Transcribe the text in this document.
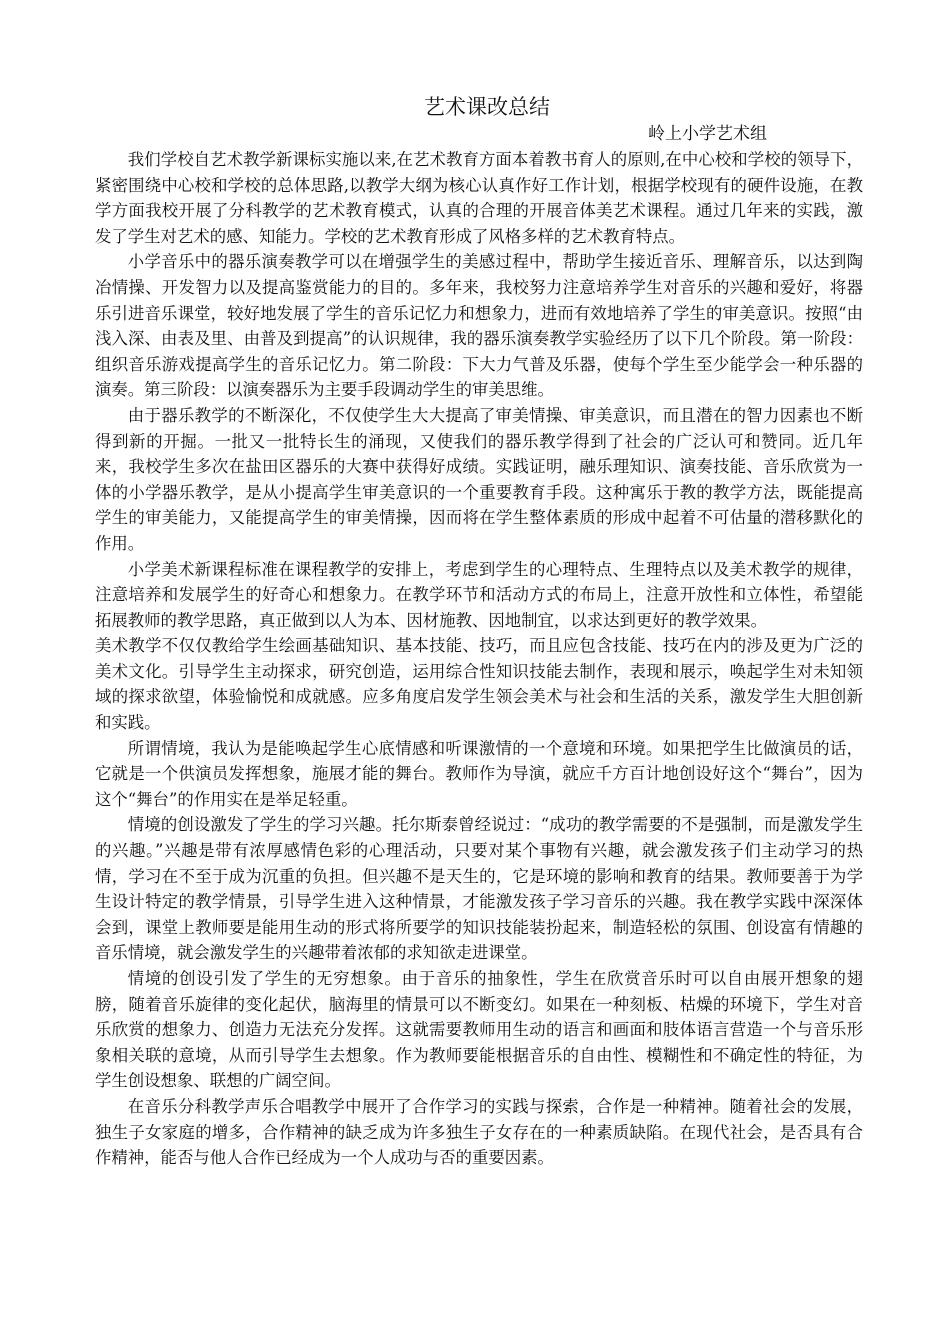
艺术课改总结

岭上小学艺术组

我们学校自艺术教学新课标实施以来,在艺术教育方面本着教书育人的原则,在中心校和学校的领导下，紧密围绕中心校和学校的总体思路,以教学大纲为核心认真作好工作计划，根据学校现有的硬件设施，在教学方面我校开展了分科教学的艺术教育模式，认真的合理的开展音体美艺术课程。通过几年来的实践，激发了学生对艺术的感、知能力。学校的艺术教育形成了风格多样的艺术教育特点。

小学音乐中的器乐演奏教学可以在增强学生的美感过程中，帮助学生接近音乐、理解音乐，以达到陶冶情操、开发智力以及提高鉴赏能力的目的。多年来，我校努力注意培养学生对音乐的兴趣和爱好，将器乐引进音乐课堂，较好地发展了学生的音乐记忆力和想象力，进而有效地培养了学生的审美意识。按照“由浅入深、由表及里、由普及到提高”的认识规律，我的器乐演奏教学实验经历了以下几个阶段。第一阶段：组织音乐游戏提高学生的音乐记忆力。第二阶段：下大力气普及乐器，使每个学生至少能学会一种乐器的演奏。第三阶段：以演奏器乐为主要手段调动学生的审美思维。

由于器乐教学的不断深化，不仅使学生大大提高了审美情操、审美意识，而且潜在的智力因素也不断得到新的开掘。一批又一批特长生的涌现，又使我们的器乐教学得到了社会的广泛认可和赞同。近几年来，我校学生多次在盐田区器乐的大赛中获得好成绩。实践证明，融乐理知识、演奏技能、音乐欣赏为一体的小学器乐教学，是从小提高学生审美意识的一个重要教育手段。这种寓乐于教的教学方法，既能提高学生的审美能力，又能提高学生的审美情操，因而将在学生整体素质的形成中起着不可估量的潜移默化的作用。

小学美术新课程标准在课程教学的安排上，考虑到学生的心理特点、生理特点以及美术教学的规律，注意培养和发展学生的好奇心和想象力。在教学环节和活动方式的布局上，注意开放性和立体性，希望能拓展教师的教学思路，真正做到以人为本、因材施教、因地制宜，以求达到更好的教学效果。

美术教学不仅仅教给学生绘画基础知识、基本技能、技巧，而且应包含技能、技巧在内的涉及更为广泛的美术文化。引导学生主动探求，研究创造，运用综合性知识技能去制作，表现和展示，唤起学生对未知领域的探求欲望，体验愉悦和成就感。应多角度启发学生领会美术与社会和生活的关系，激发学生大胆创新和实践。

所谓情境，我认为是能唤起学生心底情感和听课激情的一个意境和环境。如果把学生比做演员的话，它就是一个供演员发挥想象，施展才能的舞台。教师作为导演，就应千方百计地创设好这个“舞台”，因为这个“舞台”的作用实在是举足轻重。

情境的创设激发了学生的学习兴趣。托尔斯泰曾经说过：“成功的教学需要的不是强制，而是激发学生的兴趣。”兴趣是带有浓厚感情色彩的心理活动，只要对某个事物有兴趣，就会激发孩子们主动学习的热情，学习在不至于成为沉重的负担。但兴趣不是天生的，它是环境的影响和教育的结果。教师要善于为学生设计特定的教学情景，引导学生进入这种情景，才能激发孩子学习音乐的兴趣。我在教学实践中深深体会到，课堂上教师要是能用生动的形式将所要学的知识技能装扮起来，制造轻松的氛围、创设富有情趣的音乐情境，就会激发学生的兴趣带着浓郁的求知欲走进课堂。

情境的创设引发了学生的无穷想象。由于音乐的抽象性，学生在欣赏音乐时可以自由展开想象的翅膀，随着音乐旋律的变化起伏，脑海里的情景可以不断变幻。如果在一种刻板、枯燥的环境下，学生对音乐欣赏的想象力、创造力无法充分发挥。这就需要教师用生动的语言和画面和肢体语言营造一个与音乐形象相关联的意境，从而引导学生去想象。作为教师要能根据音乐的自由性、模糊性和不确定性的特征，为学生创设想象、联想的广阔空间。

在音乐分科教学声乐合唱教学中展开了合作学习的实践与探索，合作是一种精神。随着社会的发展，独生子女家庭的增多，合作精神的缺乏成为许多独生子女存在的一种素质缺陷。在现代社会，是否具有合作精神，能否与他人合作已经成为一个人成功与否的重要因素。
